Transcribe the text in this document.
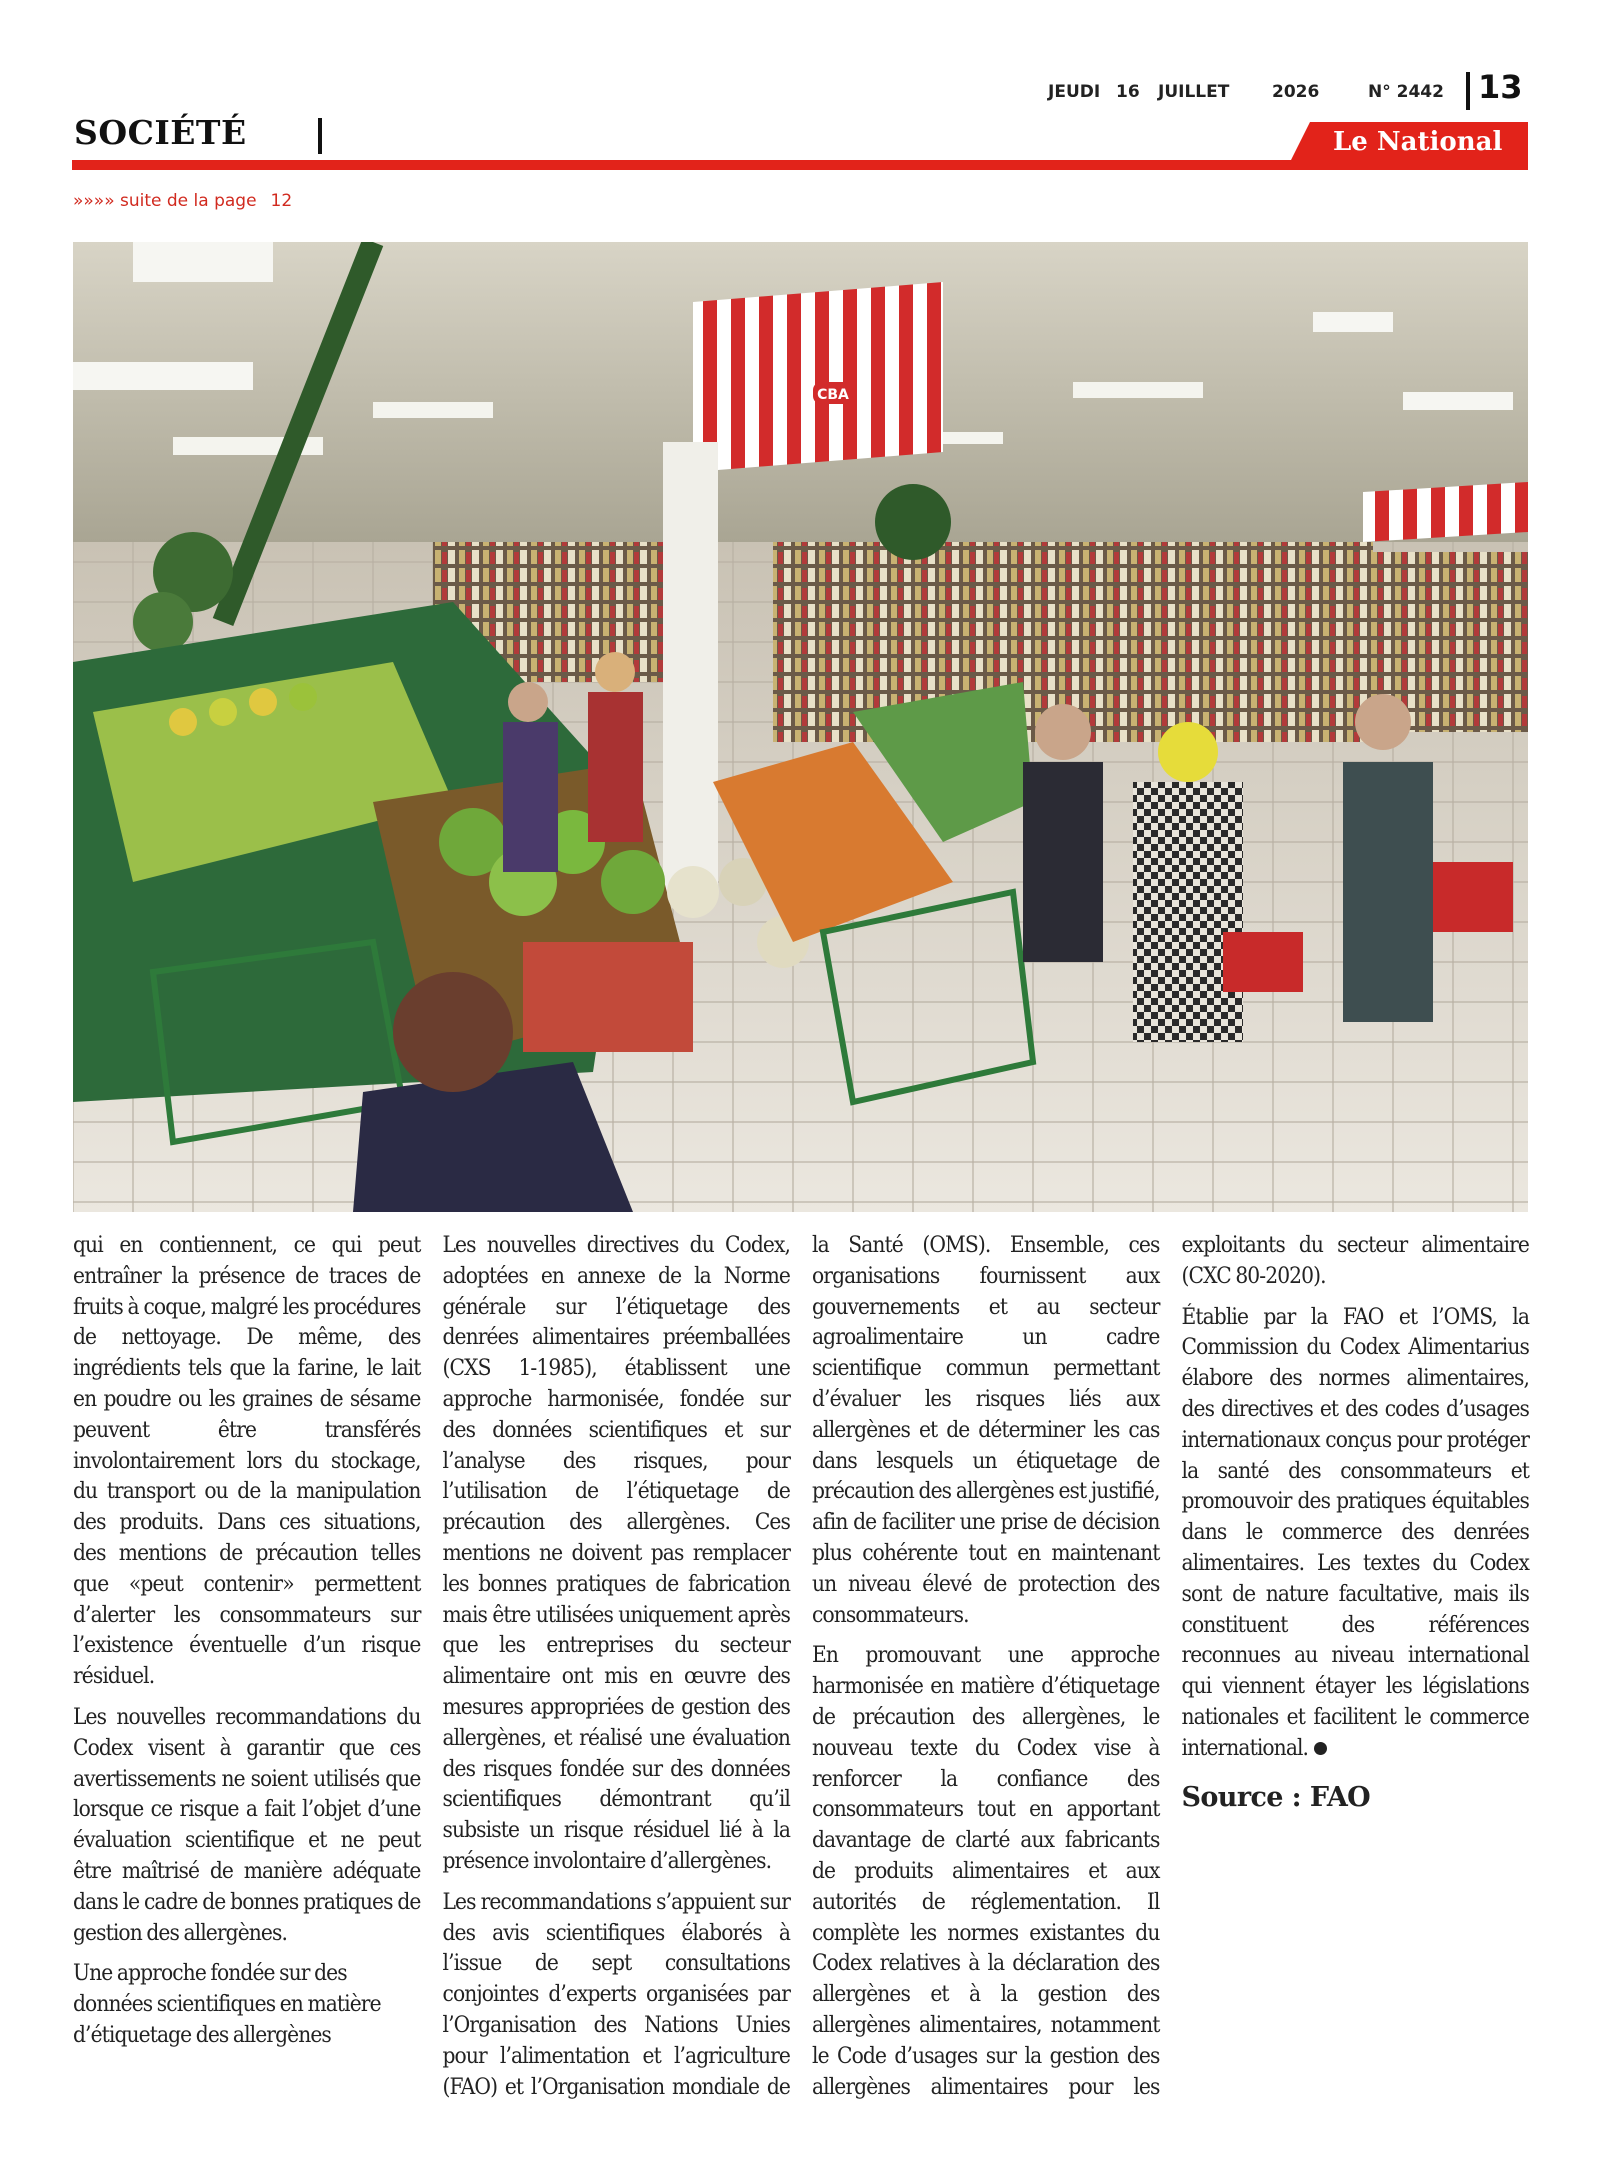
JEUDI 16 JUILLET	2026	N° 2442 13
SOCIÉTÉ	Le National
»»»» suite de la page 12
CBA

qui en contiennent, ce qui peut entraîner la présence de traces de fruits à coque, malgré les procédures de nettoyage. De même, des ingrédients tels que la farine, le lait en poudre ou les graines de sésame peuvent être transférés involontairement lors du stockage, du transport ou de la manipulation des produits. Dans ces situations, des mentions de précaution telles que «peut contenir» permettent d’alerter les consommateurs sur l’existence éventuelle d’un risque résiduel.

Les nouvelles recommandations du Codex visent à garantir que ces avertissements ne soient utilisés que lorsque ce risque a fait l’objet d’une évaluation scientifique et ne peut être maîtrisé de manière adéquate dans le cadre de bonnes pratiques de gestion des allergènes.

Une approche fondée sur des données scientifiques en matière d’étiquetage des allergènes

Les nouvelles directives du Codex, adoptées en annexe de la Norme générale sur l’étiquetage des denrées alimentaires préemballées (CXS 1-1985), établissent une approche harmonisée, fondée sur des données scientifiques et sur l’analyse des risques, pour l’utilisation de l’étiquetage de précaution des allergènes. Ces mentions ne doivent pas remplacer les bonnes pratiques de fabrication mais être utilisées uniquement après que les entreprises du secteur alimentaire ont mis en œuvre des mesures appropriées de gestion des allergènes, et réalisé une évaluation des risques fondée sur des données scientifiques démontrant qu’il subsiste un risque résiduel lié à la présence involontaire d’allergènes.

Les recommandations s’appuient sur des avis scientifiques élaborés à l’issue de sept consultations conjointes d’experts organisées par l’Organisation des Nations Unies pour l’alimentation et l’agriculture (FAO) et l’Organisation mondiale de la Santé (OMS). Ensemble, ces organisations fournissent aux gouvernements et au secteur agroalimentaire un cadre scientifique commun permettant d’évaluer les risques liés aux allergènes et de déterminer les cas dans lesquels un étiquetage de précaution des allergènes est justifié, afin de faciliter une prise de décision plus cohérente tout en maintenant un niveau élevé de protection des consommateurs.

En promouvant une approche harmonisée en matière d’étiquetage de précaution des allergènes, le nouveau texte du Codex vise à renforcer la confiance des consommateurs tout en apportant davantage de clarté aux fabricants de produits alimentaires et aux autorités de réglementation. Il complète les normes existantes du Codex relatives à la déclaration des allergènes et à la gestion des allergènes alimentaires, notamment le Code d’usages sur la gestion des allergènes alimentaires pour les exploitants du secteur alimentaire (CXC 80-2020).

Établie par la FAO et l’OMS, la Commission du Codex Alimentarius élabore des normes alimentaires, des directives et des codes d’usages internationaux conçus pour protéger la santé des consommateurs et promouvoir des pratiques équitables dans le commerce des denrées alimentaires. Les textes du Codex sont de nature facultative, mais ils constituent des références reconnues au niveau international qui viennent étayer les législations nationales et facilitent le commerce international.

Source : FAO
